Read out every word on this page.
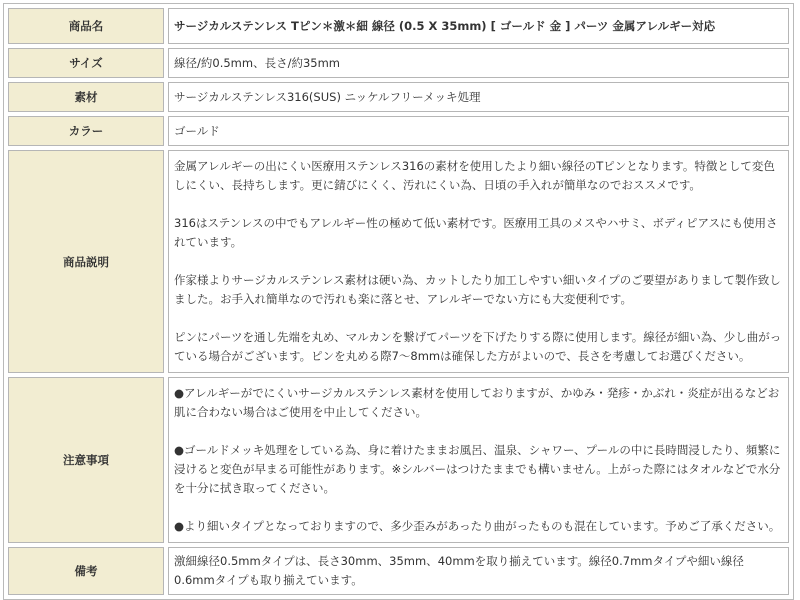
商品名	サージカルステンレス Tピン＊激＊細 線径 (0.5 X 35mm) [ ゴールド 金 ] パーツ 金属アレルギー対応
サイズ	線径/約0.5mm、長さ/約35mm
素材	サージカルステンレス316(SUS) ニッケルフリーメッキ処理
カラー	ゴールド
商品説明	金属アレルギーの出にくい医療用ステンレス316の素材を使用したより細い線径のTピンとなります。特徴として変色しにくい、長持ちします。更に錆びにくく、汚れにくい為、日頃の手入れが簡単なのでおススメです。

316はステンレスの中でもアレルギー性の極めて低い素材です。医療用工具のメスやハサミ、ボディピアスにも使用されています。

作家様よりサージカルステンレス素材は硬い為、カットしたり加工しやすい細いタイプのご要望がありまして製作致しました。お手入れ簡単なので汚れも楽に落とせ、アレルギーでない方にも大変便利です。

ピンにパーツを通し先端を丸め、マルカンを繋げてパーツを下げたりする際に使用します。線径が細い為、少し曲がっている場合がございます。ピンを丸める際7～8mmは確保した方がよいので、長さを考慮してお選びください。

注意事項	●アレルギーがでにくいサージカルステンレス素材を使用しておりますが、かゆみ・発疹・かぶれ・炎症が出るなどお肌に合わない場合はご使用を中止してください。

●ゴールドメッキ処理をしている為、身に着けたままお風呂、温泉、シャワー、プールの中に長時間浸したり、頻繁に浸けると変色が早まる可能性があります。※シルバーはつけたままでも構いません。上がった際にはタオルなどで水分を十分に拭き取ってください。

●より細いタイプとなっておりますので、多少歪みがあったり曲がったものも混在しています。予めご了承ください。

備考	激細線径0.5mmタイプは、長さ30mm、35mm、40mmを取り揃えています。線径0.7mmタイプや細い線径0.6mmタイプも取り揃えています。
